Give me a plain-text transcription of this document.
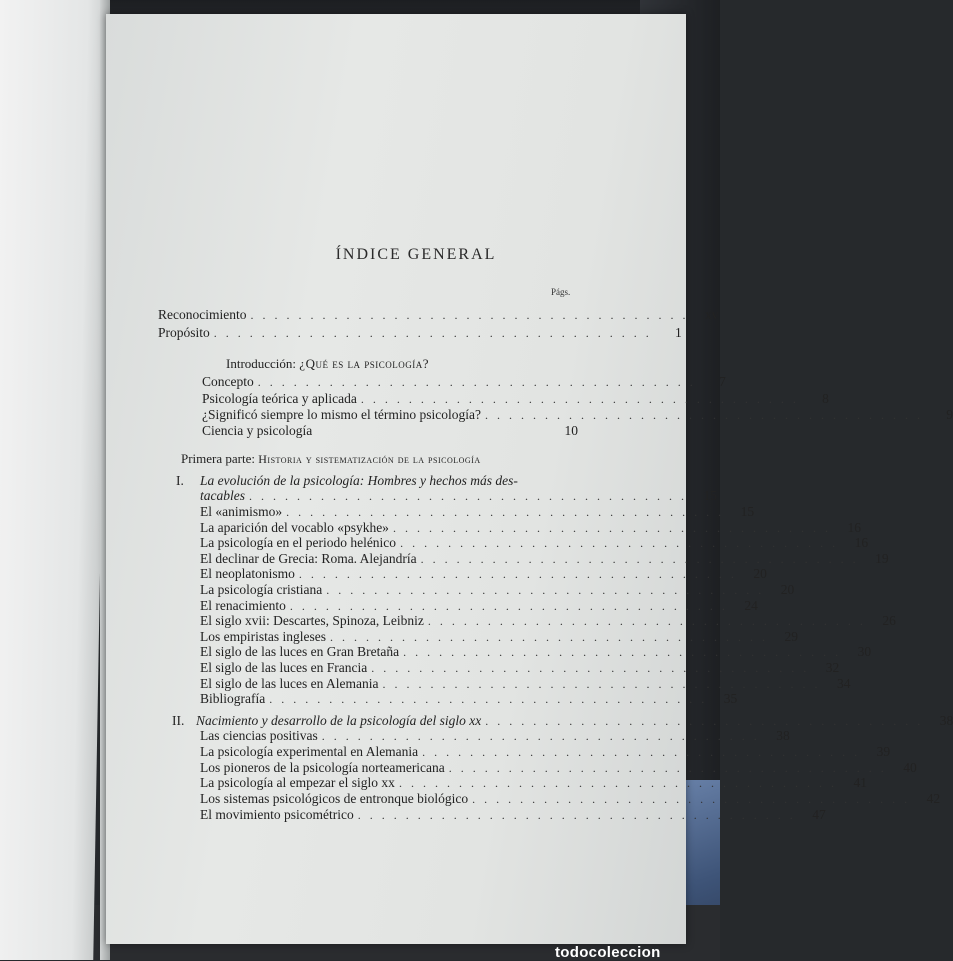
ÍNDICE GENERAL
Págs.
Reconocimiento ..................................... xv
Propósito .....................................	1
Introducción: ¿Qué es la psicología?
Concepto .....................................	7
Psicología teórica y aplicada .....................................	8
¿Significó siempre lo mismo el término psicología? .....................................	9
Ciencia y psicología	10
Primera parte: Historia y sistematización de la psicología
I. La evolución de la psicología: Hombres y hechos más des-
tacables ..................................... 15
El «animismo» ..................................... 15
La aparición del vocablo «psykhe» ..................................... 16
La psicología en el periodo helénico ..................................... 16
El declinar de Grecia: Roma. Alejandría ..................................... 19
El neoplatonismo ..................................... 20
La psicología cristiana ..................................... 20
El renacimiento ..................................... 24
El siglo xvii: Descartes, Spinoza, Leibniz ..................................... 26
Los empiristas ingleses ..................................... 29
El siglo de las luces en Gran Bretaña ..................................... 30
El siglo de las luces en Francia ..................................... 32
El siglo de las luces en Alemania ..................................... 34
Bibliografía ..................................... 35
II. Nacimiento y desarrollo de la psicología del siglo xx ..................................... 38
Las ciencias positivas ..................................... 38
La psicología experimental en Alemania ..................................... 39
Los pioneros de la psicología norteamericana ..................................... 40
La psicología al empezar el siglo xx ..................................... 41
Los sistemas psicológicos de entronque biológico ..................................... 42
El movimiento psicométrico ..................................... 47
todocoleccion
